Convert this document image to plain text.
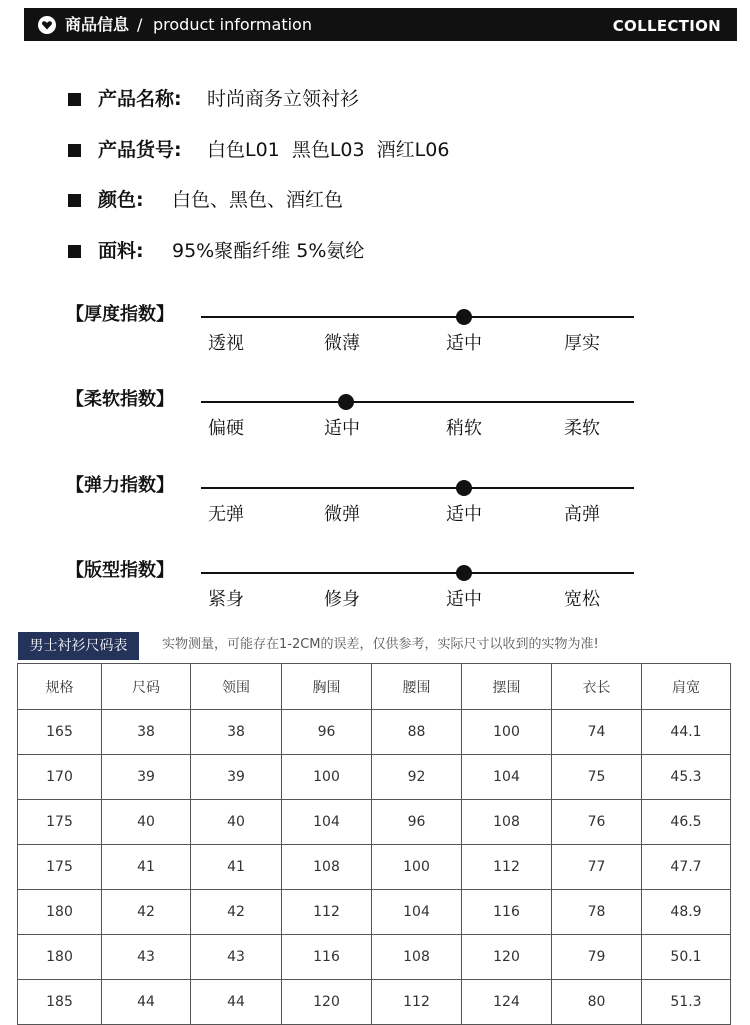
商品信息 / product information	COLLECTION
产品名称: 时尚商务立领衬衫
产品货号: 白色L01  黑色L03  酒红L06
颜色: 白色、黑色、酒红色
面料: 95%聚酯纤维 5%氨纶
【厚度指数】
透视	微薄	适中	厚实
【柔软指数】
偏硬	适中	稍软	柔软
【弹力指数】
无弹	微弹	适中	高弹
【版型指数】
紧身	修身	适中	宽松
男士衬衫尺码表	实物测量，可能存在1-2CM的误差，仅供参考，实际尺寸以收到的实物为准!
规格	尺码	领围	胸围	腰围	摆围	衣长	肩宽
165	38	38	96	88	100	74	44.1
170	39	39	100	92	104	75	45.3
175	40	40	104	96	108	76	46.5
175	41	41	108	100	112	77	47.7
180	42	42	112	104	116	78	48.9
180	43	43	116	108	120	79	50.1
185	44	44	120	112	124	80	51.3
